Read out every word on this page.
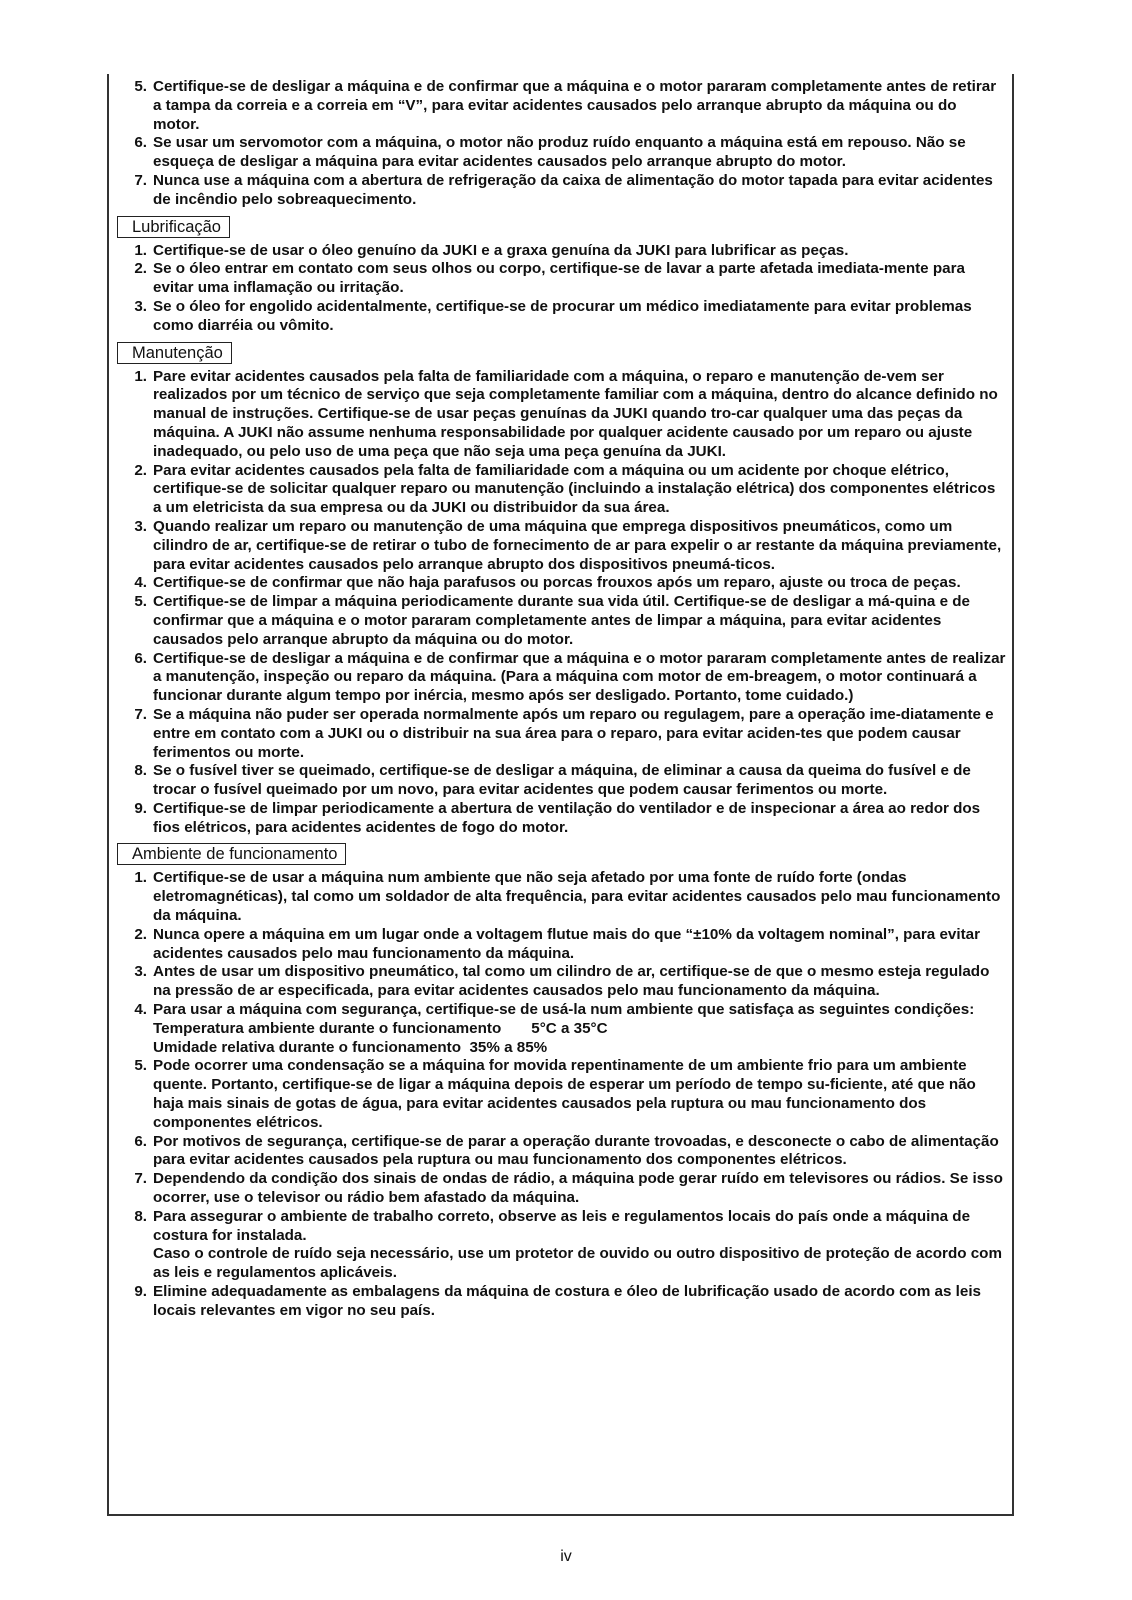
5. Certifique-se de desligar a máquina e de confirmar que a máquina e o motor pararam completamente antes de retirar a tampa da correia e a correia em “V”, para evitar acidentes causados pelo arranque abrupto da máquina ou do motor.
6. Se usar um servomotor com a máquina, o motor não produz ruído enquanto a máquina está em repouso. Não se esqueça de desligar a máquina para evitar acidentes causados pelo arranque abrupto do motor.
7. Nunca use a máquina com a abertura de refrigeração da caixa de alimentação do motor tapada para evitar acidentes de incêndio pelo sobreaquecimento.
Lubrificação
1. Certifique-se de usar o óleo genuíno da JUKI e a graxa genuína da JUKI para lubrificar as peças.
2. Se o óleo entrar em contato com seus olhos ou corpo, certifique-se de lavar a parte afetada imediata-mente para evitar uma inflamação ou irritação.
3. Se o óleo for engolido acidentalmente, certifique-se de procurar um médico imediatamente para evitar problemas como diarréia ou vômito.
Manutenção
1. Pare evitar acidentes causados pela falta de familiaridade com a máquina, o reparo e manutenção de-vem ser realizados por um técnico de serviço que seja completamente familiar com a máquina, dentro do alcance definido no manual de instruções. Certifique-se de usar peças genuínas da JUKI quando tro-car qualquer uma das peças da máquina. A JUKI não assume nenhuma responsabilidade por qualquer acidente causado por um reparo ou ajuste inadequado, ou pelo uso de uma peça que não seja uma peça genuína da JUKI.
2. Para evitar acidentes causados pela falta de familiaridade com a máquina ou um acidente por choque elétrico, certifique-se de solicitar qualquer reparo ou manutenção (incluindo a instalação elétrica) dos componentes elétricos a um eletricista da sua empresa ou da JUKI ou distribuidor da sua área.
3. Quando realizar um reparo ou manutenção de uma máquina que emprega dispositivos pneumáticos, como um cilindro de ar, certifique-se de retirar o tubo de fornecimento de ar para expelir o ar restante da máquina previamente, para evitar acidentes causados pelo arranque abrupto dos dispositivos pneumá-ticos.
4. Certifique-se de confirmar que não haja parafusos ou porcas frouxos após um reparo, ajuste ou troca de peças.
5. Certifique-se de limpar a máquina periodicamente durante sua vida útil. Certifique-se de desligar a má-quina e de confirmar que a máquina e o motor pararam completamente antes de limpar a máquina, para evitar acidentes causados pelo arranque abrupto da máquina ou do motor.
6. Certifique-se de desligar a máquina e de confirmar que a máquina e o motor pararam completamente antes de realizar a manutenção, inspeção ou reparo da máquina. (Para a máquina com motor de em-breagem, o motor continuará a funcionar durante algum tempo por inércia, mesmo após ser desligado. Portanto, tome cuidado.)
7. Se a máquina não puder ser operada normalmente após um reparo ou regulagem, pare a operação ime-diatamente e entre em contato com a JUKI ou o distribuir na sua área para o reparo, para evitar aciden-tes que podem causar ferimentos ou morte.
8. Se o fusível tiver se queimado, certifique-se de desligar a máquina, de eliminar a causa da queima do fusível e de trocar o fusível queimado por um novo, para evitar acidentes que podem causar ferimentos ou morte.
9. Certifique-se de limpar periodicamente a abertura de ventilação do ventilador e de inspecionar a área ao redor dos fios elétricos, para acidentes acidentes de fogo do motor.
Ambiente de funcionamento
1. Certifique-se de usar a máquina num ambiente que não seja afetado por uma fonte de ruído forte (ondas eletromagnéticas), tal como um soldador de alta frequência, para evitar acidentes causados pelo mau funcionamento da máquina.
2. Nunca opere a máquina em um lugar onde a voltagem flutue mais do que “±10% da voltagem nominal”, para evitar acidentes causados pelo mau funcionamento da máquina.
3. Antes de usar um dispositivo pneumático, tal como um cilindro de ar, certifique-se de que o mesmo esteja regulado na pressão de ar especificada, para evitar acidentes causados pelo mau funcionamento da máquina.
4. Para usar a máquina com segurança, certifique-se de usá-la num ambiente que satisfaça as seguintes condições:
Temperatura ambiente durante o funcionamento 5°C a 35°C
Umidade relativa durante o funcionamento 35% a 85%
5. Pode ocorrer uma condensação se a máquina for movida repentinamente de um ambiente frio para um ambiente quente. Portanto, certifique-se de ligar a máquina depois de esperar um período de tempo su-ficiente, até que não haja mais sinais de gotas de água, para evitar acidentes causados pela ruptura ou mau funcionamento dos componentes elétricos.
6. Por motivos de segurança, certifique-se de parar a operação durante trovoadas, e desconecte o cabo de alimentação para evitar acidentes causados pela ruptura ou mau funcionamento dos componentes elétricos.
7. Dependendo da condição dos sinais de ondas de rádio, a máquina pode gerar ruído em televisores ou rádios. Se isso ocorrer, use o televisor ou rádio bem afastado da máquina.
8. Para assegurar o ambiente de trabalho correto, observe as leis e regulamentos locais do país onde a máquina de costura for instalada.
Caso o controle de ruído seja necessário, use um protetor de ouvido ou outro dispositivo de proteção de acordo com as leis e regulamentos aplicáveis.
9. Elimine adequadamente as embalagens da máquina de costura e óleo de lubrificação usado de acordo com as leis locais relevantes em vigor no seu país.
iv
